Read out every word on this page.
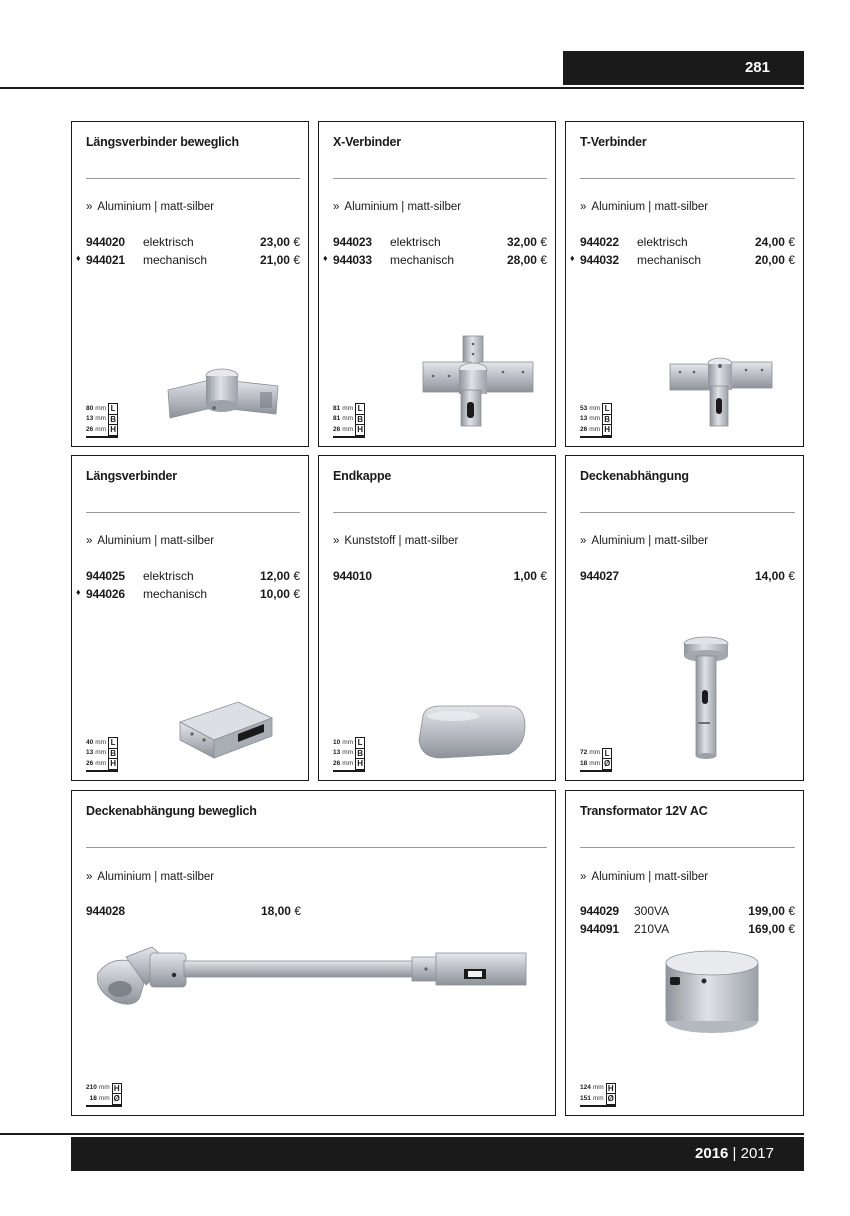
281
Längsverbinder beweglich
» Aluminium | matt-silber
944020 elektrisch	23,00 €
♦ 944021 mechanisch	21,00 €
80 mm L
13 mm B
26 mm H
X-Verbinder
» Aluminium | matt-silber
944023 elektrisch	32,00 €
♦ 944033 mechanisch	28,00 €
81 mm L
81 mm B
26 mm H
T-Verbinder
» Aluminium | matt-silber
944022 elektrisch	24,00 €
♦ 944032 mechanisch	20,00 €
53 mm L
13 mm B
26 mm H
Längsverbinder
» Aluminium | matt-silber
944025 elektrisch	12,00 €
♦ 944026 mechanisch	10,00 €
40 mm L
13 mm B
26 mm H
Endkappe
» Kunststoff | matt-silber
944010	1,00 €
10 mm L
13 mm B
26 mm H
Deckenabhängung
» Aluminium | matt-silber
944027	14,00 €
72 mm L
18 mm Ø
Deckenabhängung beweglich
» Aluminium | matt-silber
944028	18,00 €
210 mm H
18 mm Ø
Transformator 12V AC
» Aluminium | matt-silber
944029 300VA	199,00 €
944091 210VA	169,00 €
124 mm H
151 mm Ø
2016 | 2017
